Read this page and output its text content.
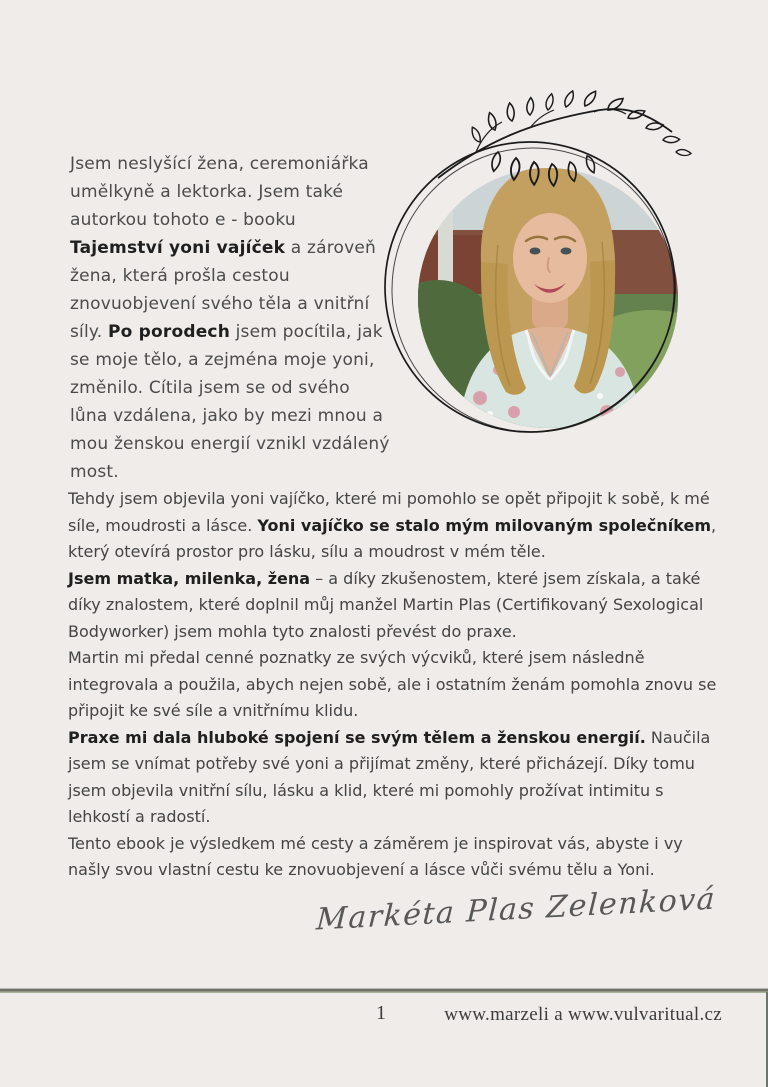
Jsem neslyšící žena, ceremoniářka umělkyně a lektorka. Jsem také autorkou tohoto e - booku Tajemství yoni vajíček a zároveň žena, která prošla cestou znovuobjevení svého těla a vnitřní síly. Po porodech jsem pocítila, jak se moje tělo, a zejména moje yoni, změnilo. Cítila jsem se od svého lůna vzdálena, jako by mezi mnou a mou ženskou energií vznikl vzdálený most.

Tehdy jsem objevila yoni vajíčko, které mi pomohlo se opět připojit k sobě, k mé síle, moudrosti a lásce. Yoni vajíčko se stalo mým milovaným společníkem, který otevírá prostor pro lásku, sílu a moudrost v mém těle.

Jsem matka, milenka, žena – a díky zkušenostem, které jsem získala, a také díky znalostem, které doplnil můj manžel Martin Plas (Certifikovaný Sexological Bodyworker) jsem mohla tyto znalosti převést do praxe.
Martin mi předal cenné poznatky ze svých výcviků, které jsem následně integrovala a použila, abych nejen sobě, ale i ostatním ženám pomohla znovu se připojit ke své síle a vnitřnímu klidu.

Praxe mi dala hluboké spojení se svým tělem a ženskou energií. Naučila jsem se vnímat potřeby své yoni a přijímat změny, které přicházejí. Díky tomu jsem objevila vnitřní sílu, lásku a klid, které mi pomohly prožívat intimitu s lehkostí a radostí.

Tento ebook je výsledkem mé cesty a záměrem je inspirovat vás, abyste i vy našly svou vlastní cestu ke znovuobjevení a lásce vůči svému tělu a Yoni.

Markéta Plas Zelenková
1	www.marzeli a www.vulvaritual.cz
